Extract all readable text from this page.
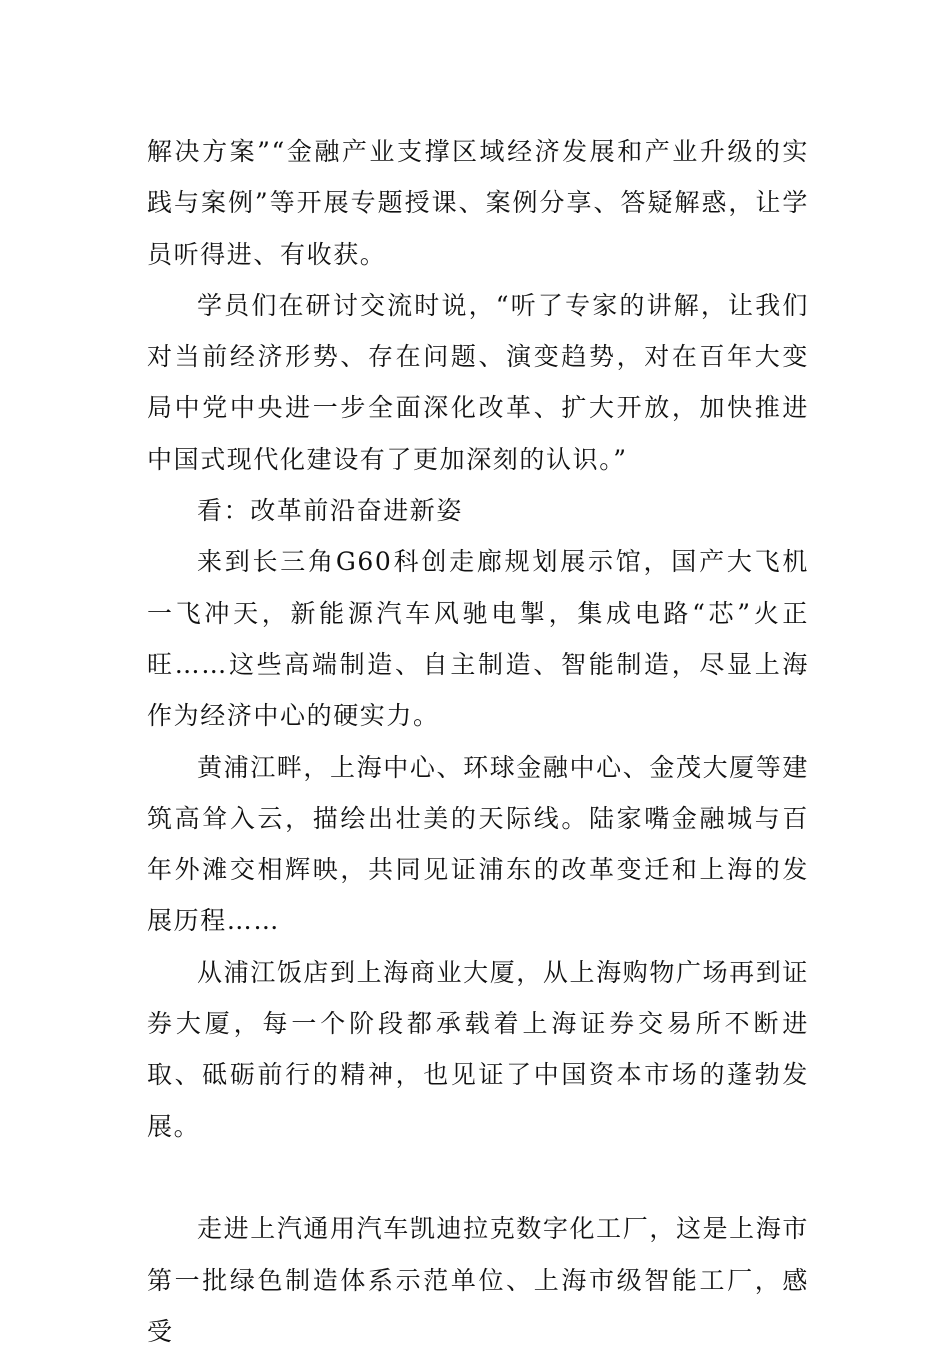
解决方案”“金融产业支撑区域经济发展和产业升级的实践与案例”等开展专题授课、案例分享、答疑解惑，让学员听得进、有收获。

学员们在研讨交流时说，“听了专家的讲解，让我们对当前经济形势、存在问题、演变趋势，对在百年大变局中党中央进一步全面深化改革、扩大开放，加快推进中国式现代化建设有了更加深刻的认识。”

看：改革前沿奋进新姿

来到长三角G60科创走廊规划展示馆，国产大飞机一飞冲天，新能源汽车风驰电掣，集成电路“芯”火正旺……这些高端制造、自主制造、智能制造，尽显上海作为经济中心的硬实力。

黄浦江畔，上海中心、环球金融中心、金茂大厦等建筑高耸入云，描绘出壮美的天际线。陆家嘴金融城与百年外滩交相辉映，共同见证浦东的改革变迁和上海的发展历程……

从浦江饭店到上海商业大厦，从上海购物广场再到证券大厦，每一个阶段都承载着上海证券交易所不断进取、砥砺前行的精神，也见证了中国资本市场的蓬勃发展。

走进上汽通用汽车凯迪拉克数字化工厂，这是上海市第一批绿色制造体系示范单位、上海市级智能工厂，感受
